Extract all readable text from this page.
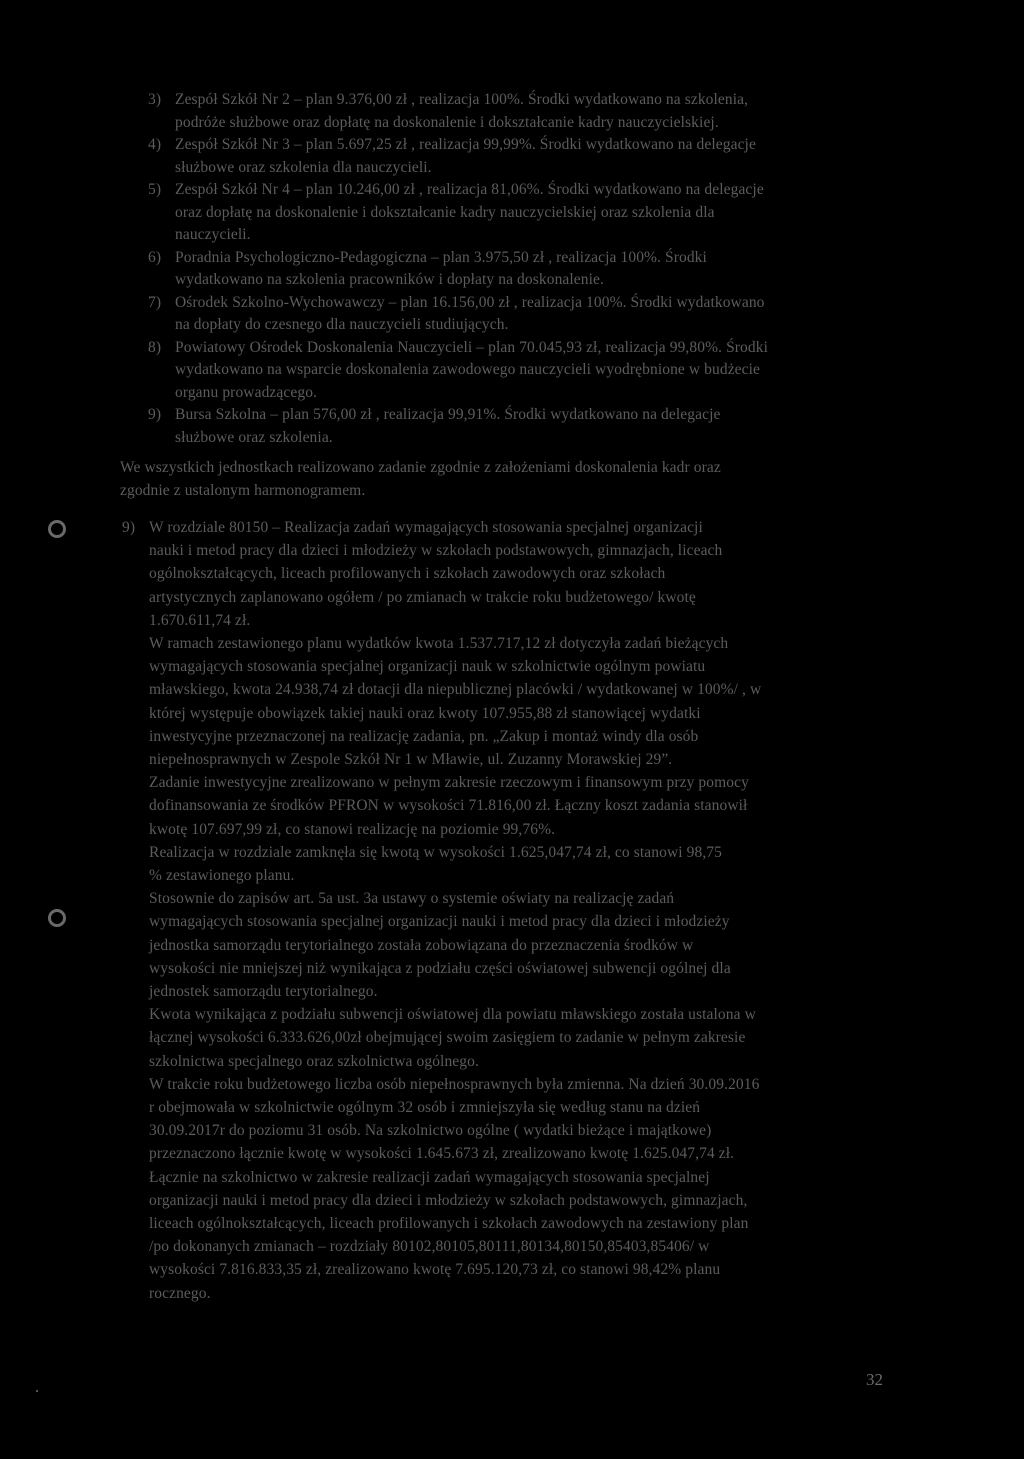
3) Zespół Szkół Nr 2 – plan 9.376,00 zł , realizacja 100%. Środki wydatkowano na szkolenia,
podróże służbowe oraz dopłatę na doskonalenie i dokształcanie kadry nauczycielskiej.
4) Zespół Szkół Nr 3 – plan 5.697,25 zł , realizacja 99,99%. Środki wydatkowano na delegacje
służbowe oraz szkolenia dla nauczycieli.
5) Zespół Szkół Nr 4 – plan 10.246,00 zł , realizacja 81,06%. Środki wydatkowano na delegacje
oraz dopłatę na doskonalenie i dokształcanie kadry nauczycielskiej oraz szkolenia dla
nauczycieli.
6) Poradnia Psychologiczno-Pedagogiczna – plan 3.975,50 zł , realizacja 100%. Środki
wydatkowano na szkolenia pracowników i dopłaty na doskonalenie.
7) Ośrodek Szkolno-Wychowawczy – plan 16.156,00 zł , realizacja 100%. Środki wydatkowano
na dopłaty do czesnego dla nauczycieli studiujących.
8) Powiatowy Ośrodek Doskonalenia Nauczycieli – plan 70.045,93 zł, realizacja 99,80%. Środki
wydatkowano na wsparcie doskonalenia zawodowego nauczycieli wyodrębnione w budżecie
organu prowadzącego.
9) Bursa Szkolna – plan 576,00 zł , realizacja 99,91%. Środki wydatkowano na delegacje
służbowe oraz szkolenia.
We wszystkich jednostkach realizowano zadanie zgodnie z założeniami doskonalenia kadr oraz
zgodnie z ustalonym harmonogramem.
9) W rozdziale 80150 – Realizacja zadań wymagających stosowania specjalnej organizacji
nauki i metod pracy dla dzieci i młodzieży w szkołach podstawowych, gimnazjach, liceach
ogólnokształcących, liceach profilowanych i szkołach zawodowych oraz szkołach
artystycznych zaplanowano ogółem / po zmianach w trakcie roku budżetowego/ kwotę
1.670.611,74 zł.
W ramach zestawionego planu wydatków kwota 1.537.717,12 zł dotyczyła zadań bieżących
wymagających stosowania specjalnej organizacji nauk w szkolnictwie ogólnym powiatu
mławskiego, kwota 24.938,74 zł dotacji dla niepublicznej placówki / wydatkowanej w 100%/ , w
której występuje obowiązek takiej nauki oraz kwoty 107.955,88 zł stanowiącej wydatki
inwestycyjne przeznaczonej na realizację zadania, pn. „Zakup i montaż windy dla osób
niepełnosprawnych w Zespole Szkół Nr 1 w Mławie, ul. Zuzanny Morawskiej 29”.
Zadanie inwestycyjne zrealizowano w pełnym zakresie rzeczowym i finansowym przy pomocy
dofinansowania ze środków PFRON w wysokości 71.816,00 zł. Łączny koszt zadania stanowił
kwotę 107.697,99 zł, co stanowi realizację na poziomie 99,76%.
Realizacja w rozdziale zamknęła się kwotą w wysokości 1.625,047,74 zł, co stanowi 98,75
% zestawionego planu.
Stosownie do zapisów art. 5a ust. 3a ustawy o systemie oświaty na realizację zadań
wymagających stosowania specjalnej organizacji nauki i metod pracy dla dzieci i młodzieży
jednostka samorządu terytorialnego została zobowiązana do przeznaczenia środków w
wysokości nie mniejszej niż wynikająca z podziału części oświatowej subwencji ogólnej dla
jednostek samorządu terytorialnego.
Kwota wynikająca z podziału subwencji oświatowej dla powiatu mławskiego została ustalona w
łącznej wysokości 6.333.626,00zł obejmującej swoim zasięgiem to zadanie w pełnym zakresie
szkolnictwa specjalnego oraz szkolnictwa ogólnego.
W trakcie roku budżetowego liczba osób niepełnosprawnych była zmienna. Na dzień 30.09.2016
r obejmowała w szkolnictwie ogólnym 32 osób i zmniejszyła się według stanu na dzień
30.09.2017r do poziomu 31 osób. Na szkolnictwo ogólne ( wydatki bieżące i majątkowe)
przeznaczono łącznie kwotę w wysokości 1.645.673 zł, zrealizowano kwotę 1.625.047,74 zł.
Łącznie na szkolnictwo w zakresie realizacji zadań wymagających stosowania specjalnej
organizacji nauki i metod pracy dla dzieci i młodzieży w szkołach podstawowych, gimnazjach,
liceach ogólnokształcących, liceach profilowanych i szkołach zawodowych na zestawiony plan
/po dokonanych zmianach – rozdziały 80102,80105,80111,80134,80150,85403,85406/ w
wysokości 7.816.833,35 zł, zrealizowano kwotę 7.695.120,73 zł, co stanowi 98,42% planu
rocznego.
32
